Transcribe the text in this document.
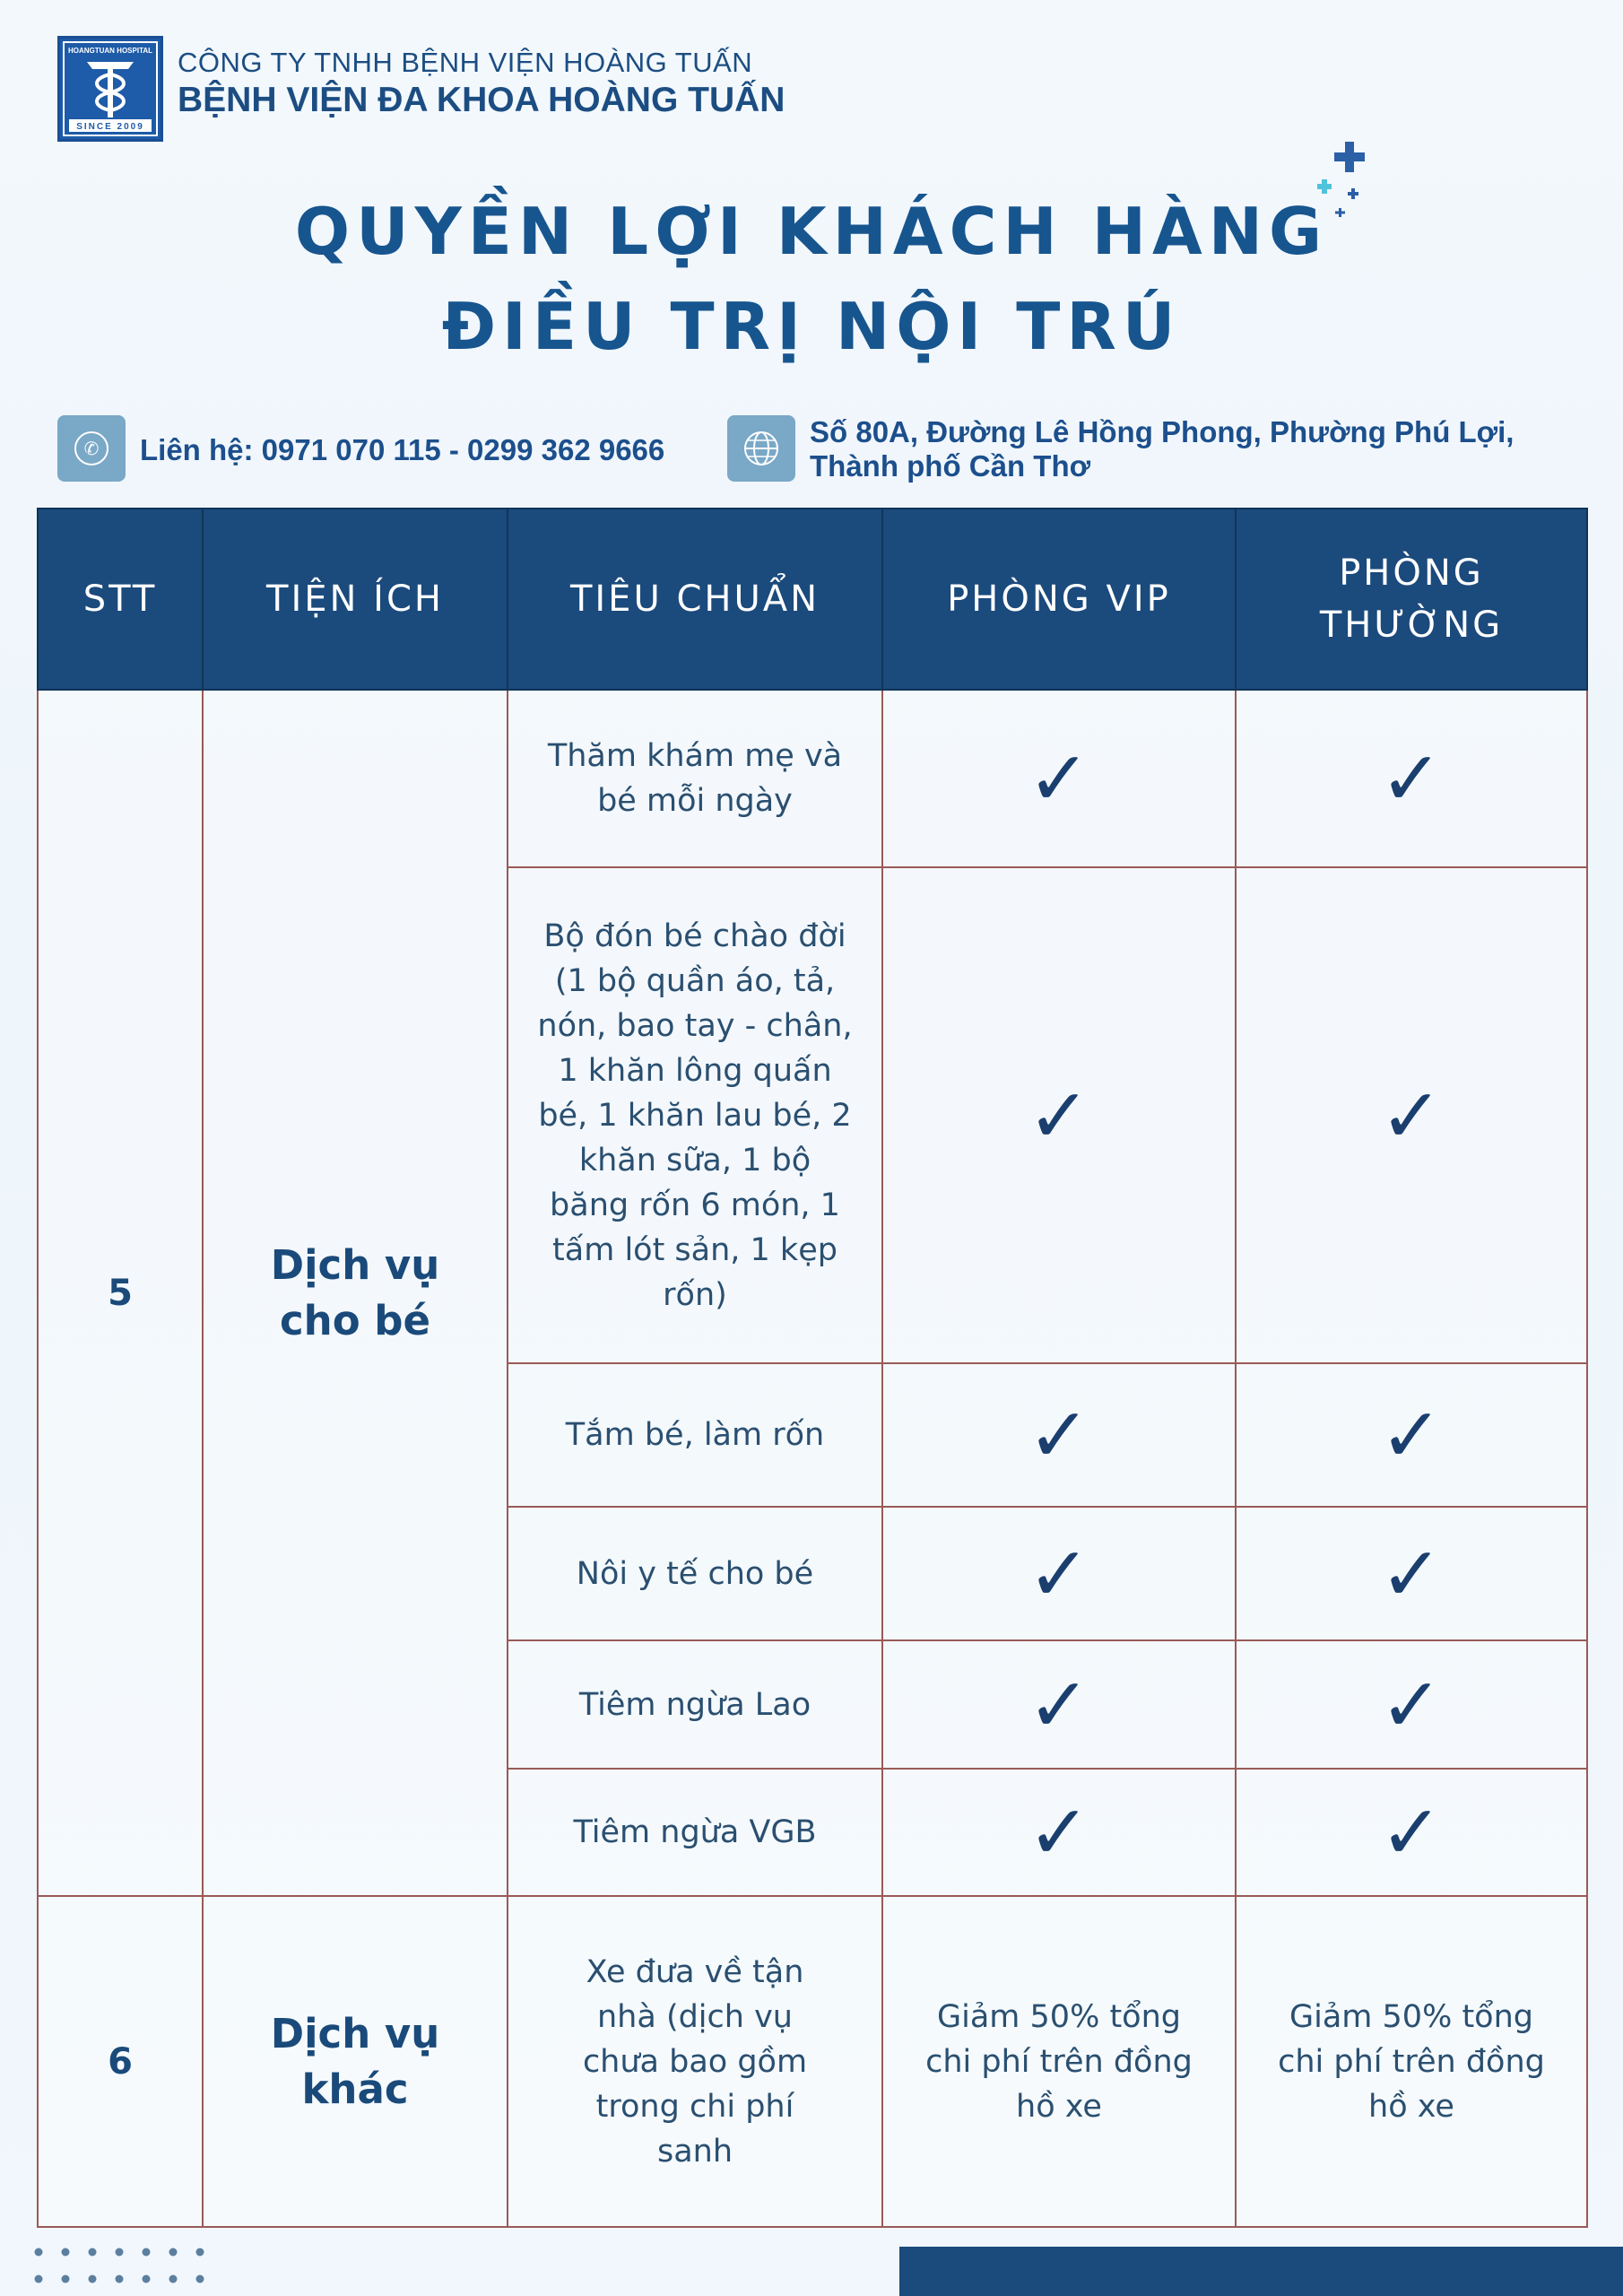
HOANGTUAN HOSPITAL
SINCE 2009
CÔNG TY TNHH BỆNH VIỆN HOÀNG TUẤN
BỆNH VIỆN ĐA KHOA HOÀNG TUẤN
QUYỀN LỢI KHÁCH HÀNG
ĐIỀU TRỊ NỘI TRÚ
✆	Liên hệ: 0971 070 115 - 0299 362 9666
Số 80A, Đường Lê Hồng Phong, Phường Phú Lợi,
Thành phố Cần Thơ
STT	TIỆN ÍCH	TIÊU CHUẨN	PHÒNG VIP	PHÒNG THƯỜNG
5	Dịch vụ cho bé	Thăm khám mẹ và bé mỗi ngày	✓	✓
		Bộ đón bé chào đời (1 bộ quần áo, tả, nón, bao tay - chân, 1 khăn lông quấn bé, 1 khăn lau bé, 2 khăn sữa, 1 bộ băng rốn 6 món, 1 tấm lót sản, 1 kẹp rốn)	✓	✓
		Tắm bé, làm rốn	✓	✓
		Nôi y tế cho bé	✓	✓
		Tiêm ngừa Lao	✓	✓
		Tiêm ngừa VGB	✓	✓
6	Dịch vụ khác	Xe đưa về tận nhà (dịch vụ chưa bao gồm trong chi phí sanh	Giảm 50% tổng chi phí trên đồng hồ xe	Giảm 50% tổng chi phí trên đồng hồ xe
